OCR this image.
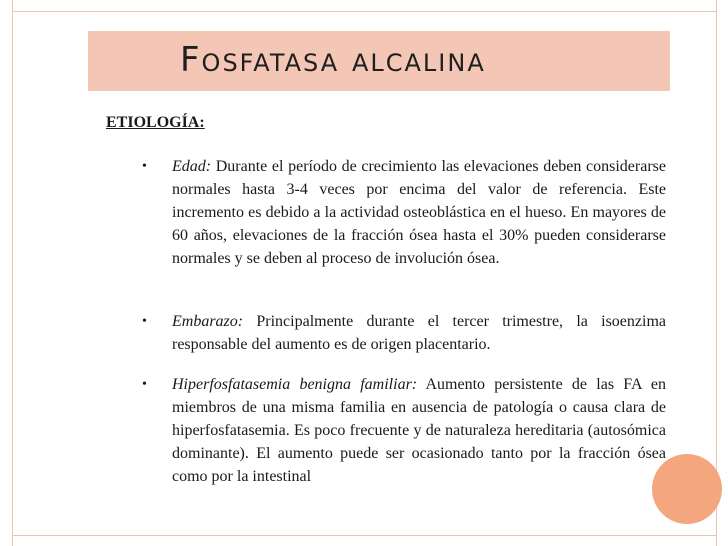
Fosfatasa alcalina
ETIOLOGÍA:
• Edad: Durante el período de crecimiento las elevaciones deben considerarse normales hasta 3-4 veces por encima del valor de referencia. Este incremento es debido a la actividad osteoblástica en el hueso. En mayores de 60 años, elevaciones de la fracción ósea hasta el 30% pueden considerarse normales y se deben al proceso de involución ósea.
• Embarazo: Principalmente durante el tercer trimestre, la isoenzima responsable del aumento es de origen placentario.
• Hiperfosfatasemia benigna familiar: Aumento persistente de las FA en miembros de una misma familia en ausencia de patología o causa clara de hiperfosfatasemia. Es poco frecuente y de naturaleza hereditaria (autosómica dominante). El aumento puede ser ocasionado tanto por la fracción ósea como por la intestinal
